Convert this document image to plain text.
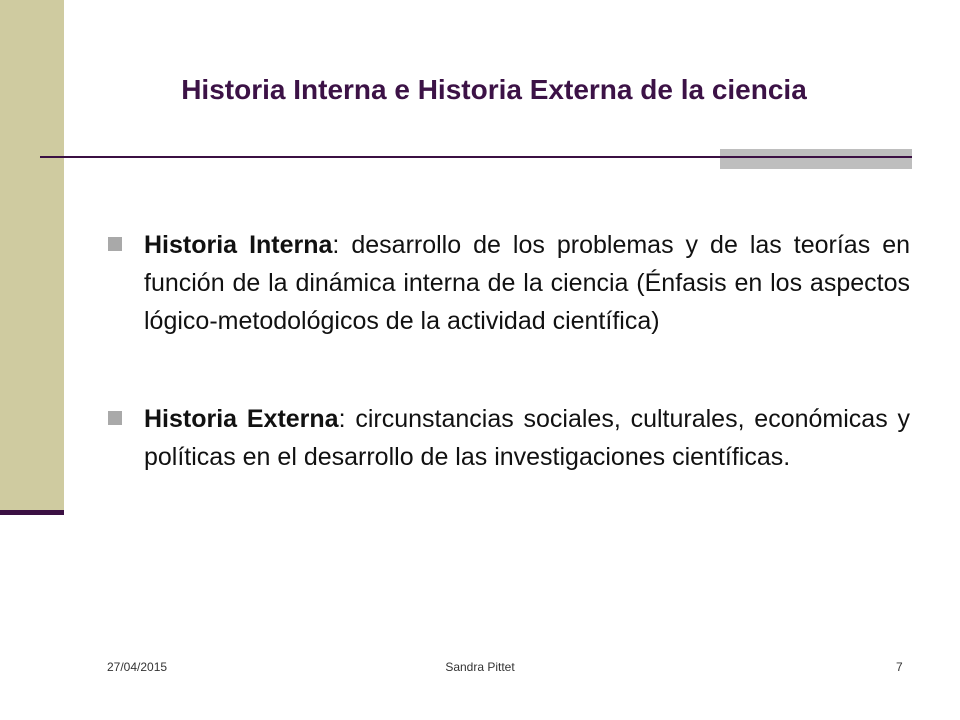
Historia Interna e Historia Externa de la ciencia

Historia Interna: desarrollo de los problemas y de las teorías en función de la dinámica interna de la ciencia (Énfasis en los aspectos lógico-metodológicos de la actividad científica)

Historia Externa: circunstancias sociales, culturales, económicas y políticas en el desarrollo de las investigaciones científicas.

27/04/2015	Sandra Pittet	7
